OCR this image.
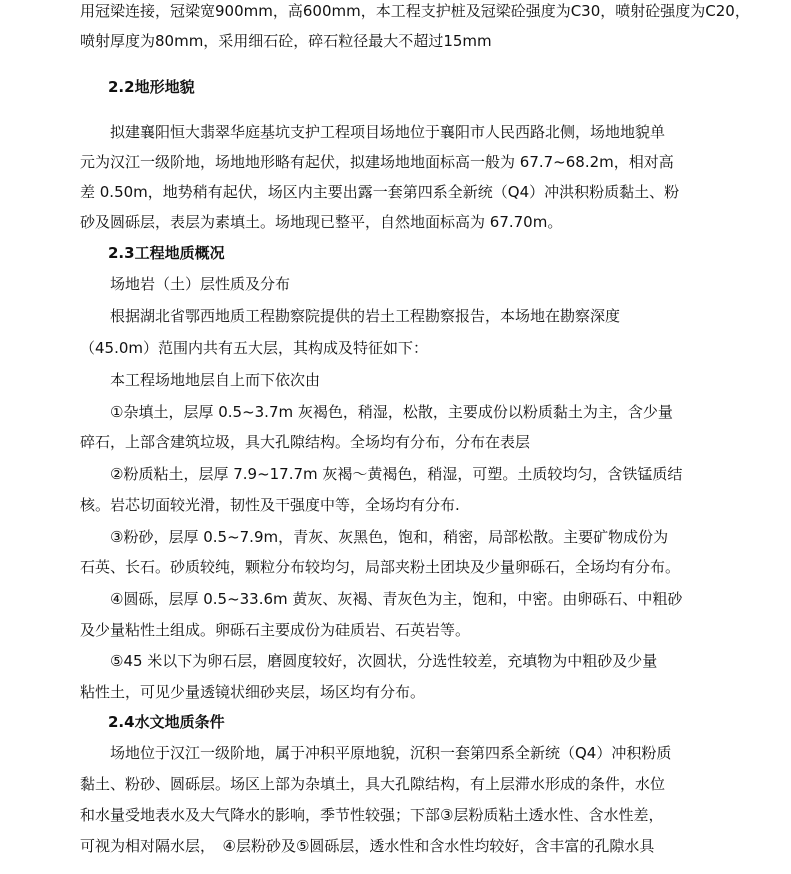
用冠梁连接，冠梁宽900mm，高600mm，本工程支护桩及冠梁砼强度为C30，喷射砼强度为C20，
喷射厚度为80mm，采用细石砼，碎石粒径最大不超过15mm
2.2地形地貌
拟建襄阳恒大翡翠华庭基坑支护工程项目场地位于襄阳市人民西路北侧，场地地貌单
元为汉江一级阶地，场地地形略有起伏，拟建场地地面标高一般为 67.7~68.2m，相对高
差 0.50m，地势稍有起伏，场区内主要出露一套第四系全新统（Q4）冲洪积粉质黏土、粉
砂及圆砾层，表层为素填土。场地现已整平，自然地面标高为 67.70m。
2.3工程地质概况
场地岩（土）层性质及分布
根据湖北省鄂西地质工程勘察院提供的岩土工程勘察报告，本场地在勘察深度
（45.0m）范围内共有五大层，其构成及特征如下：
本工程场地地层自上而下依次由
①杂填土，层厚 0.5~3.7m 灰褐色，稍湿，松散，主要成份以粉质黏土为主，含少量
碎石，上部含建筑垃圾，具大孔隙结构。全场均有分布，分布在表层
②粉质粘土，层厚 7.9~17.7m 灰褐～黄褐色，稍湿，可塑。土质较均匀，含铁锰质结
核。岩芯切面较光滑，韧性及干强度中等，全场均有分布.
③粉砂，层厚 0.5~7.9m，青灰、灰黑色，饱和，稍密，局部松散。主要矿物成份为
石英、长石。砂质较纯，颗粒分布较均匀，局部夹粉土团块及少量卵砾石，全场均有分布。
④圆砾，层厚 0.5~33.6m 黄灰、灰褐、青灰色为主，饱和，中密。由卵砾石、中粗砂
及少量粘性土组成。卵砾石主要成份为硅质岩、石英岩等。
⑤45 米以下为卵石层，磨圆度较好，次圆状，分选性较差，充填物为中粗砂及少量
粘性土，可见少量透镜状细砂夹层，场区均有分布。
2.4水文地质条件
场地位于汉江一级阶地，属于冲积平原地貌，沉积一套第四系全新统（Q4）冲积粉质
黏土、粉砂、圆砾层。场区上部为杂填土，具大孔隙结构，有上层滞水形成的条件，水位
和水量受地表水及大气降水的影响，季节性较强；下部③层粉质粘土透水性、含水性差，
可视为相对隔水层，　④层粉砂及⑤圆砾层，透水性和含水性均较好，含丰富的孔隙水具
